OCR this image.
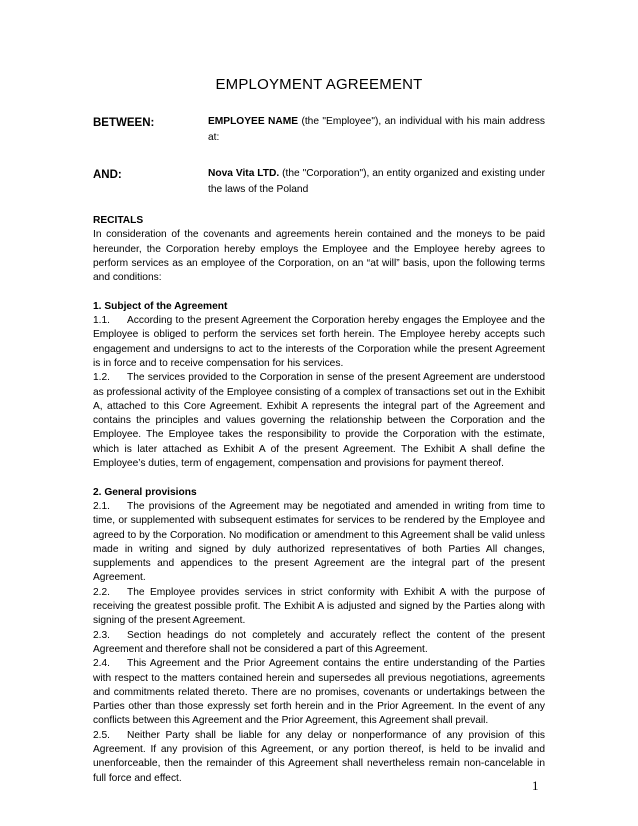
EMPLOYMENT AGREEMENT
BETWEEN:	EMPLOYEE NAME (the "Employee"), an individual with his main address at:
AND:	Nova Vita LTD. (the "Corporation"), an entity organized and existing under the laws of the Poland
RECITALS

In consideration of the covenants and agreements herein contained and the moneys to be paid hereunder, the Corporation hereby employs the Employee and the Employee hereby agrees to perform services as an employee of the Corporation, on an “at will” basis, upon the following terms and conditions:

1. Subject of the Agreement

1.1. According to the present Agreement the Corporation hereby engages the Employee and the Employee is obliged to perform the services set forth herein. The Employee hereby accepts such engagement and undersigns to act to the interests of the Corporation while the present Agreement is in force and to receive compensation for his services.

1.2. The services provided to the Corporation in sense of the present Agreement are understood as professional activity of the Employee consisting of a complex of transactions set out in the Exhibit A, attached to this Core Agreement. Exhibit A represents the integral part of the Agreement and contains the principles and values governing the relationship between the Corporation and the Employee. The Employee takes the responsibility to provide the Corporation with the estimate, which is later attached as Exhibit A of the present Agreement. The Exhibit A shall define the Employee’s duties, term of engagement, compensation and provisions for payment thereof.

2. General provisions

2.1. The provisions of the Agreement may be negotiated and amended in writing from time to time, or supplemented with subsequent estimates for services to be rendered by the Employee and agreed to by the Corporation. No modification or amendment to this Agreement shall be valid unless made in writing and signed by duly authorized representatives of both Parties All changes, supplements and appendices to the present Agreement are the integral part of the present Agreement.

2.2. The Employee provides services in strict conformity with Exhibit A with the purpose of receiving the greatest possible profit. The Exhibit A is adjusted and signed by the Parties along with signing of the present Agreement.

2.3. Section headings do not completely and accurately reflect the content of the present Agreement and therefore shall not be considered a part of this Agreement.

2.4. This Agreement and the Prior Agreement contains the entire understanding of the Parties with respect to the matters contained herein and supersedes all previous negotiations, agreements and commitments related thereto. There are no promises, covenants or undertakings between the Parties other than those expressly set forth herein and in the Prior Agreement. In the event of any conflicts between this Agreement and the Prior Agreement, this Agreement shall prevail.

2.5. Neither Party shall be liable for any delay or nonperformance of any provision of this Agreement. If any provision of this Agreement, or any portion thereof, is held to be invalid and unenforceable, then the remainder of this Agreement shall nevertheless remain non-cancelable in full force and effect.	1
